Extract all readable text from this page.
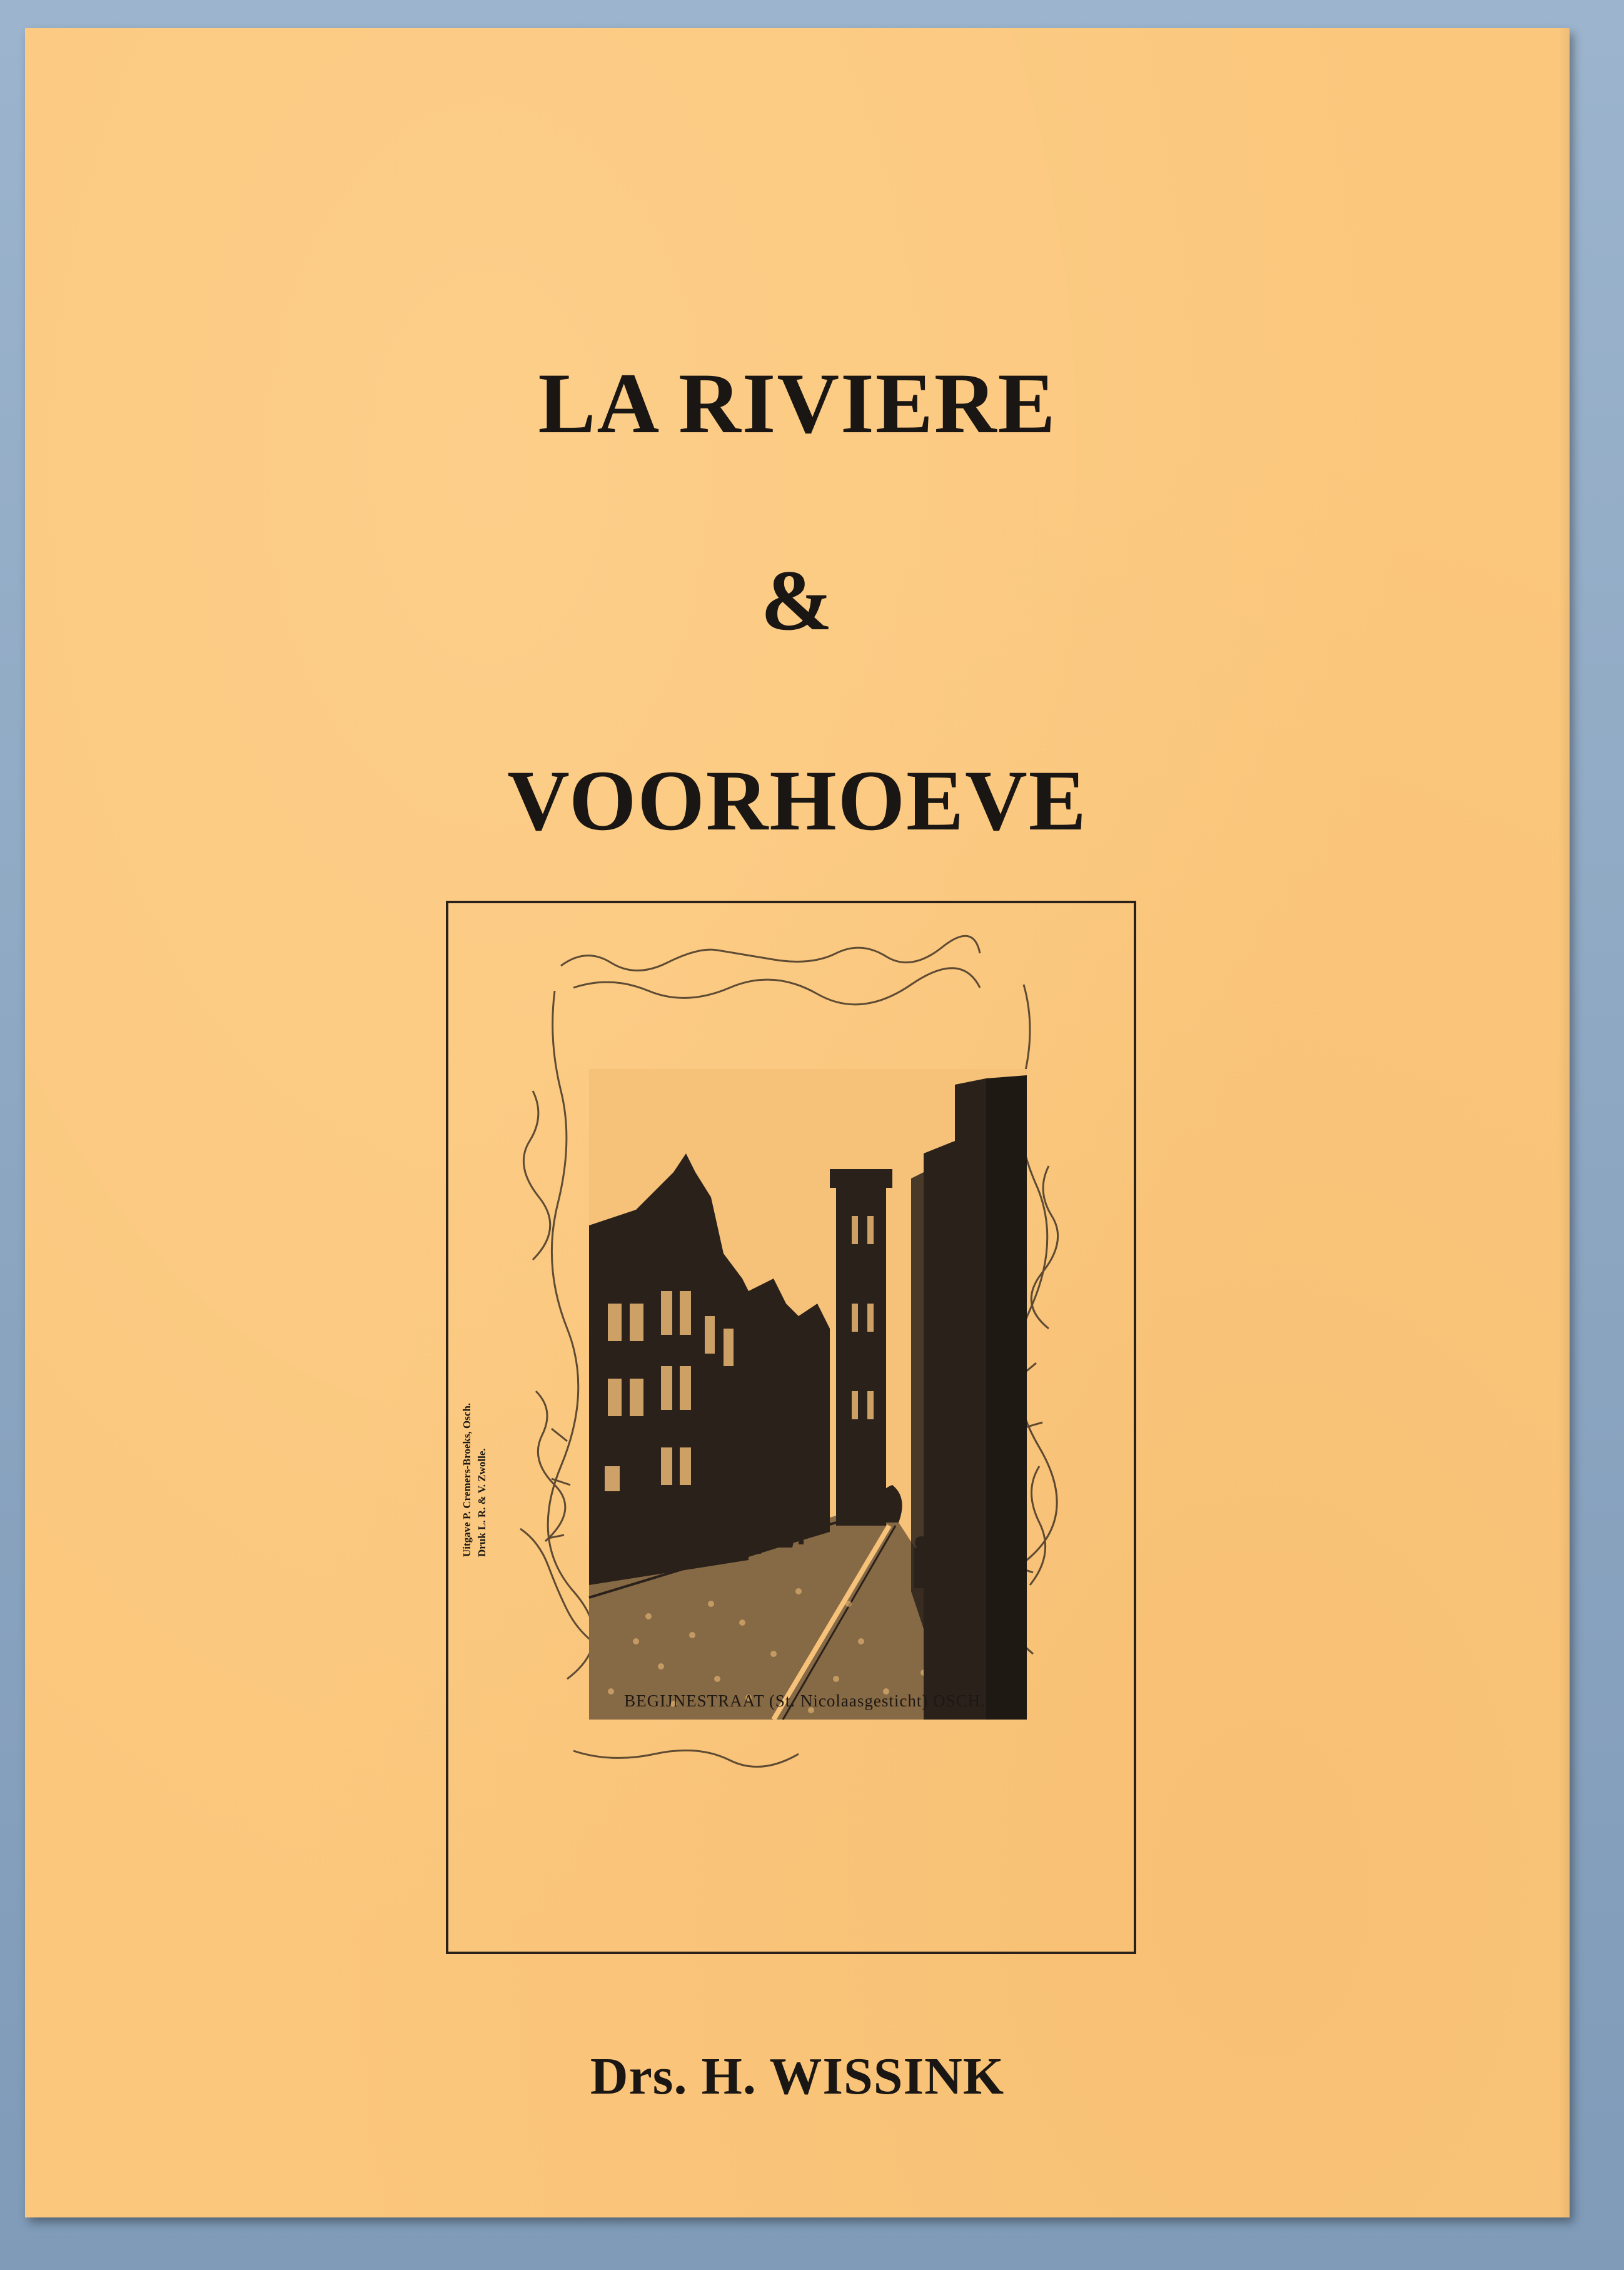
LA RIVIERE
&
VOORHOEVE
BEGIJNESTRAAT (St. Nicolaasgesticht) OSCH.
Uitgave P. Cremers-Broeks, Osch. Druk L. R. & V. Zwolle.
Drs. H. WISSINK
